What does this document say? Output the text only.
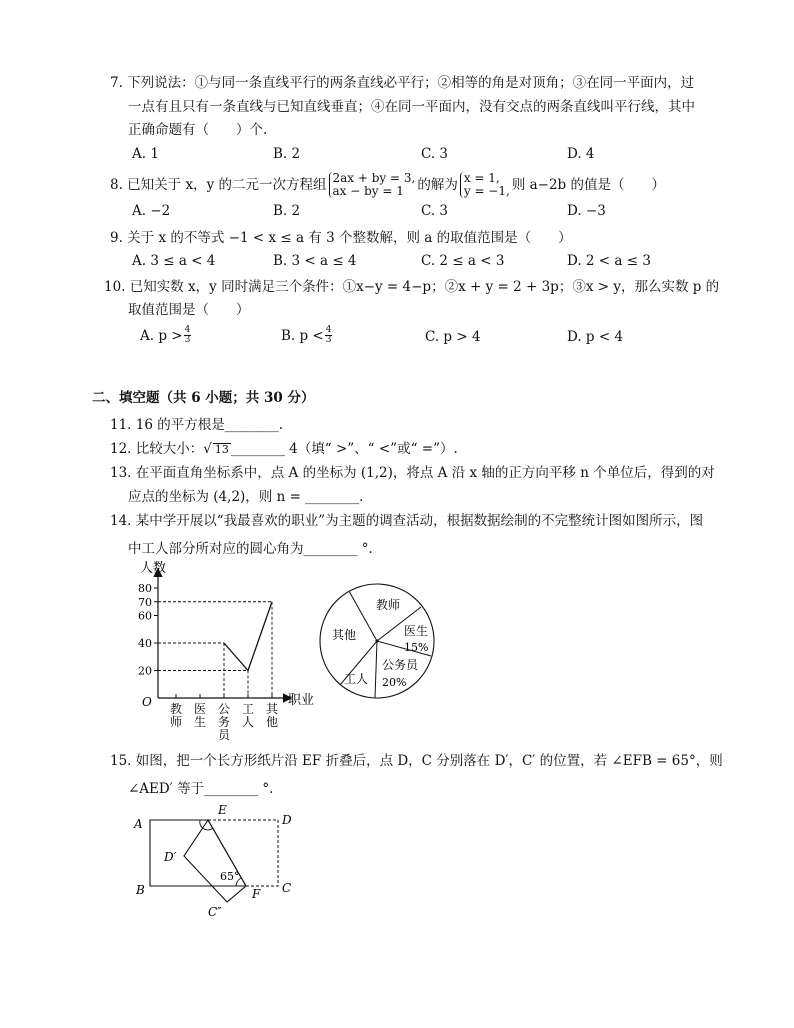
7. 下列说法：①与同一条直线平行的两条直线必平行；②相等的角是对顶角；③在同一平面内，过
一点有且只有一条直线与已知直线垂直；④在同一平面内，没有交点的两条直线叫平行线，其中
正确命题有（　　）个.
A. 1	B. 2	C. 3	D. 4
8. 已知关于 x，y 的二元一次方程组 2ax + by = 3,
ax − by = 1 的解为 x = 1,
y = −1, 则 a−2b 的值是（　　）
A. −2	B. 2	C. 3	D. −3
9. 关于 x 的不等式 −1 < x ≤ a 有 3 个整数解，则 a 的取值范围是（　　）
A. 3 ≤ a < 4	B. 3 < a ≤ 4	C. 2 ≤ a < 3	D. 2 < a ≤ 3
10. 已知实数 x，y 同时满足三个条件：①x−y = 4−p；②x + y = 2 + 3p；③x > y，那么实数 p 的
取值范围是（　　）
A. $p > \frac{4}{3}$	B. $p < \frac{4}{3}$	C. p > 4	D. p < 4
二、填空题（共 6 小题；共 30 分）
11. 16 的平方根是________.
12. 比较大小：√ 13 ________ 4（填“ >”、“ <”或“ =”）.
13. 在平面直角坐标系中，点 A 的坐标为 (1,2)，将点 A 沿 x 轴的正方向平移 n 个单位后，得到的对
应点的坐标为 (4,2)，则 n = ________.
14. 某中学开展以“我最喜欢的职业”为主题的调查活动，根据数据绘制的不完整统计图如图所示，图
中工人部分所对应的圆心角为________ °.
人数
职业
O
20
40
60
70
80
教师
医生
公务员
工人
其他
教师
医生
15%
公务员
20%
工人
其他
15. 如图，把一个长方形纸片沿 EF 折叠后，点 D，C 分别落在 D′，C′ 的位置，若 ∠EFB = 65°，则
∠AED′ 等于________ °.
A	D
B	C
E
F
D′
C″
65°
